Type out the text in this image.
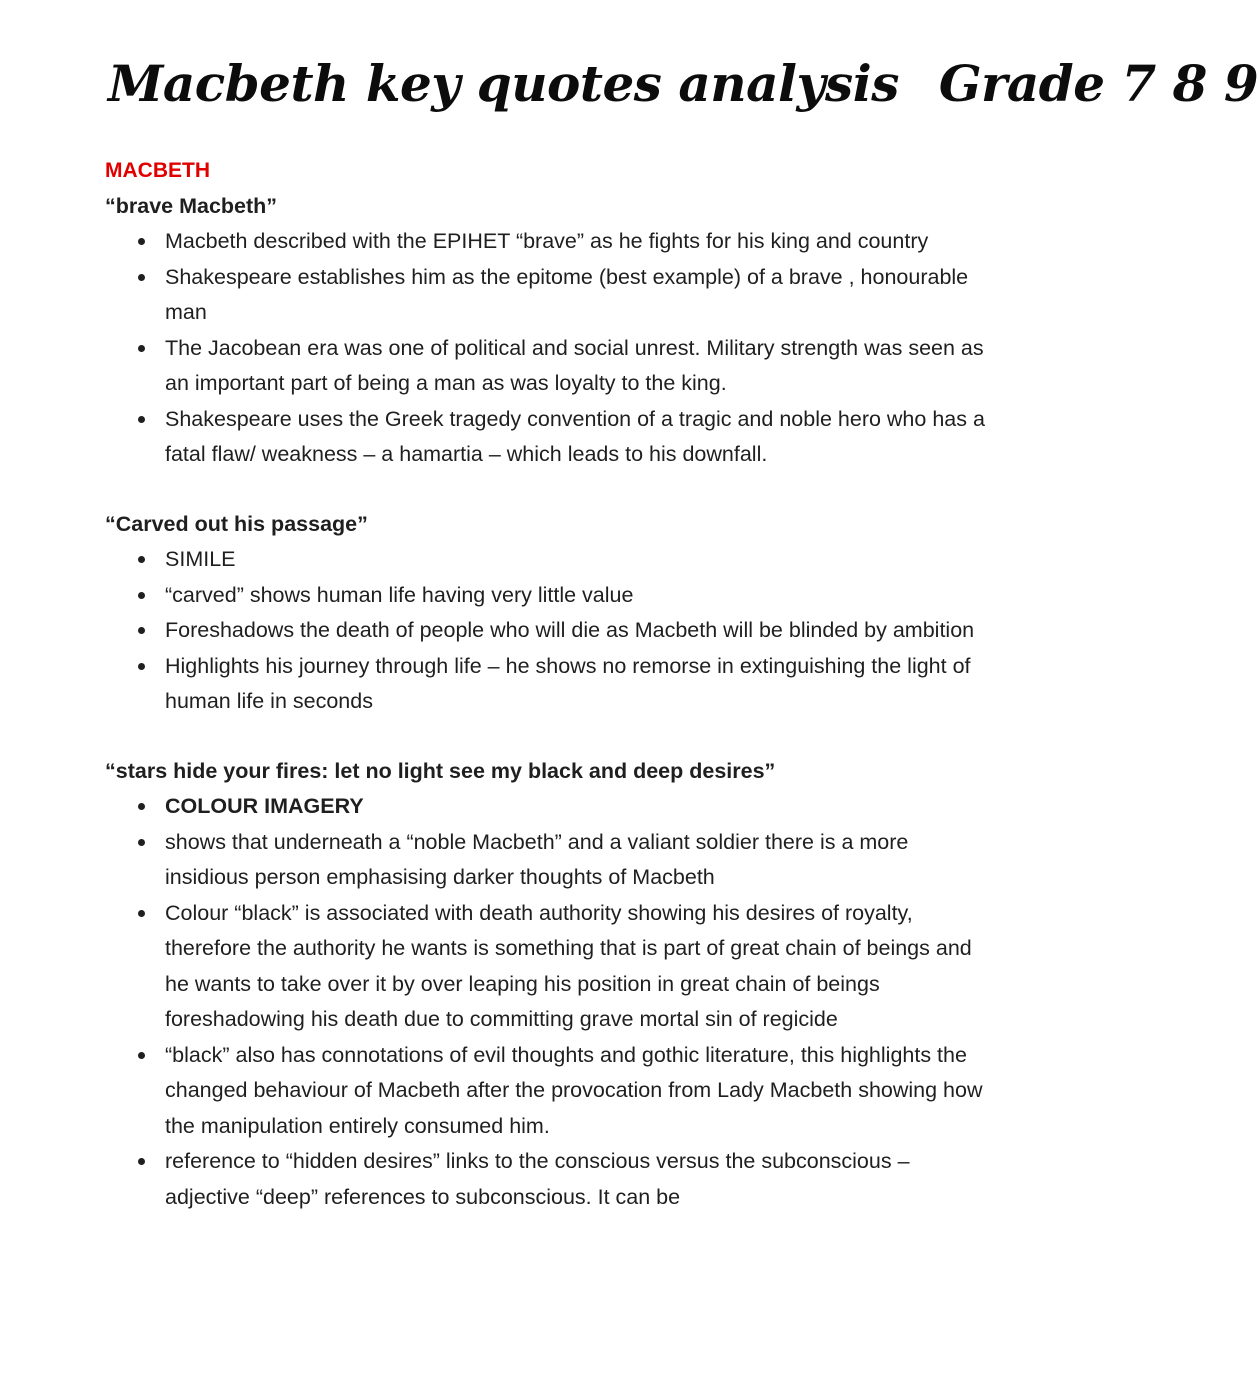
Macbeth key quotes analysis Grade 7 8 9
MACBETH
“brave Macbeth”
Macbeth described with the EPIHET “brave” as he fights for his king and country
Shakespeare establishes him as the epitome (best example) of a brave , honourable man
The Jacobean era was one of political and social unrest. Military strength was seen as an important part of being a man as was loyalty to the king.
Shakespeare uses the Greek tragedy convention of a tragic and noble hero who has a fatal flaw/ weakness – a hamartia – which leads to his downfall.
“Carved out his passage”
SIMILE
“carved” shows human life having very little value
Foreshadows the death of people who will die as Macbeth will be blinded by ambition
Highlights his journey through life – he shows no remorse in extinguishing the light of human life in seconds
“stars hide your fires: let no light see my black and deep desires”
COLOUR IMAGERY
shows that underneath a “noble Macbeth” and a valiant soldier there is a more insidious person emphasising darker thoughts of Macbeth
Colour “black” is associated with death authority showing his desires of royalty, therefore the authority he wants is something that is part of great chain of beings and he wants to take over it by over leaping his position in great chain of beings foreshadowing his death due to committing grave mortal sin of regicide
“black” also has connotations of evil thoughts and gothic literature, this highlights the changed behaviour of Macbeth after the provocation from Lady Macbeth showing how the manipulation entirely consumed him.
reference to “hidden desires” links to the conscious versus the subconscious – adjective “deep” references to subconscious. It can be
